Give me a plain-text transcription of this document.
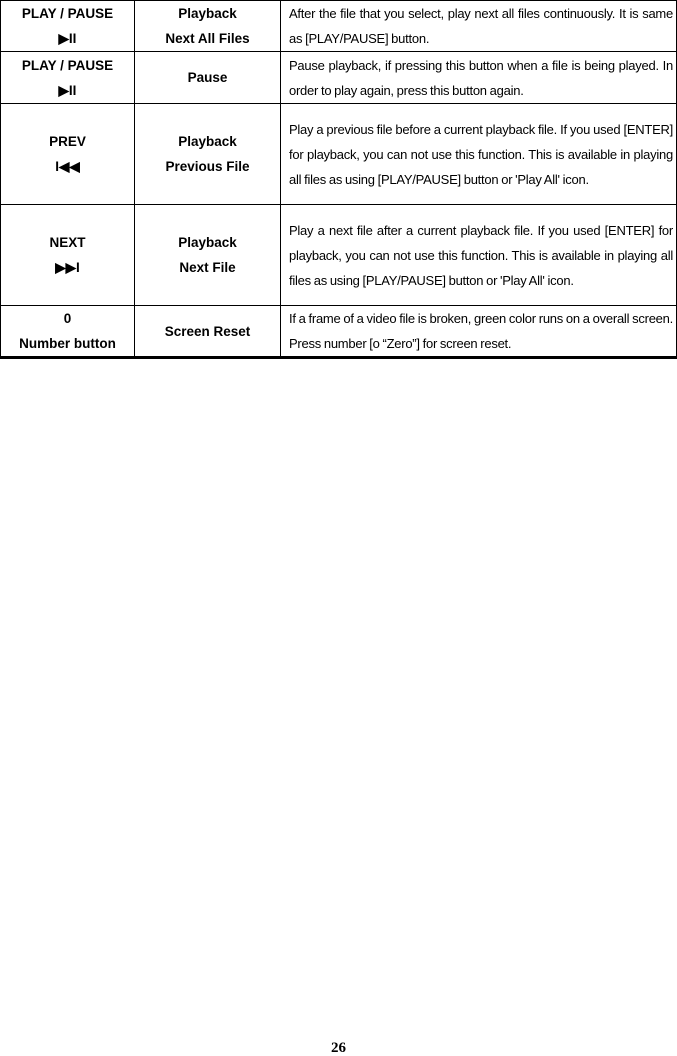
PLAY / PAUSE
▶II	Playback
Next All Files	After the file that you select, play next all files continuously. It is same as [PLAY/PAUSE] button.

PLAY / PAUSE
▶II	Pause	Pause playback, if pressing this button when a file is being played. In order to play again, press this button again.

PREV
I◀◀	Playback
Previous File	Play a previous file before a current playback file. If you used [ENTER] for playback, you can not use this function. This is available in playing all files as using [PLAY/PAUSE] button or 'Play All' icon.

NEXT
▶▶I	Playback
Next File	Play a next file after a current playback file. If you used [ENTER] for playback, you can not use this function. This is available in playing all files as using [PLAY/PAUSE] button or 'Play All' icon.

0
Number button	Screen Reset	If a frame of a video file is broken, green color runs on a overall screen. Press number [o “Zero”] for screen reset.
26
